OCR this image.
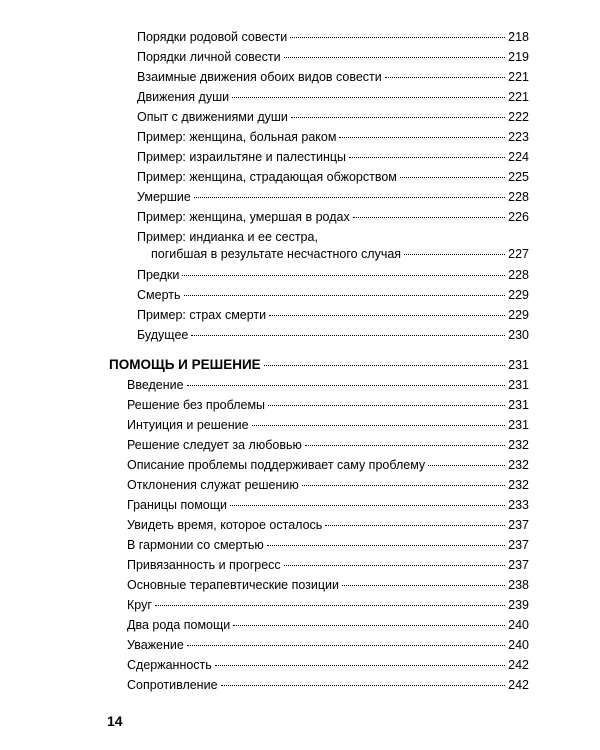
Порядки родовой совести	218
Порядки личной совести	219
Взаимные движения обоих видов совести	221
Движения души	221
Опыт с движениями души	222
Пример: женщина, больная раком	223
Пример: израильтяне и палестинцы	224
Пример: женщина, страдающая обжорством	225
Умершие	228
Пример: женщина, умершая в родах	226
Пример: индианка и ее сестра,
погибшая в результате несчастного случая	227
Предки	228
Смерть	229
Пример: страх смерти	229
Будущее	230
ПОМОЩЬ И РЕШЕНИЕ	231
Введение	231
Решение без проблемы	231
Интуиция и решение	231
Решение следует за любовью	232
Описание проблемы поддерживает саму проблему	232
Отклонения служат решению	232
Границы помощи	233
Увидеть время, которое осталось	237
В гармонии со смертью	237
Привязанность и прогресс	237
Основные терапевтические позиции	238
Круг	239
Два рода помощи	240
Уважение	240
Сдержанность	242
Сопротивление	242
14
